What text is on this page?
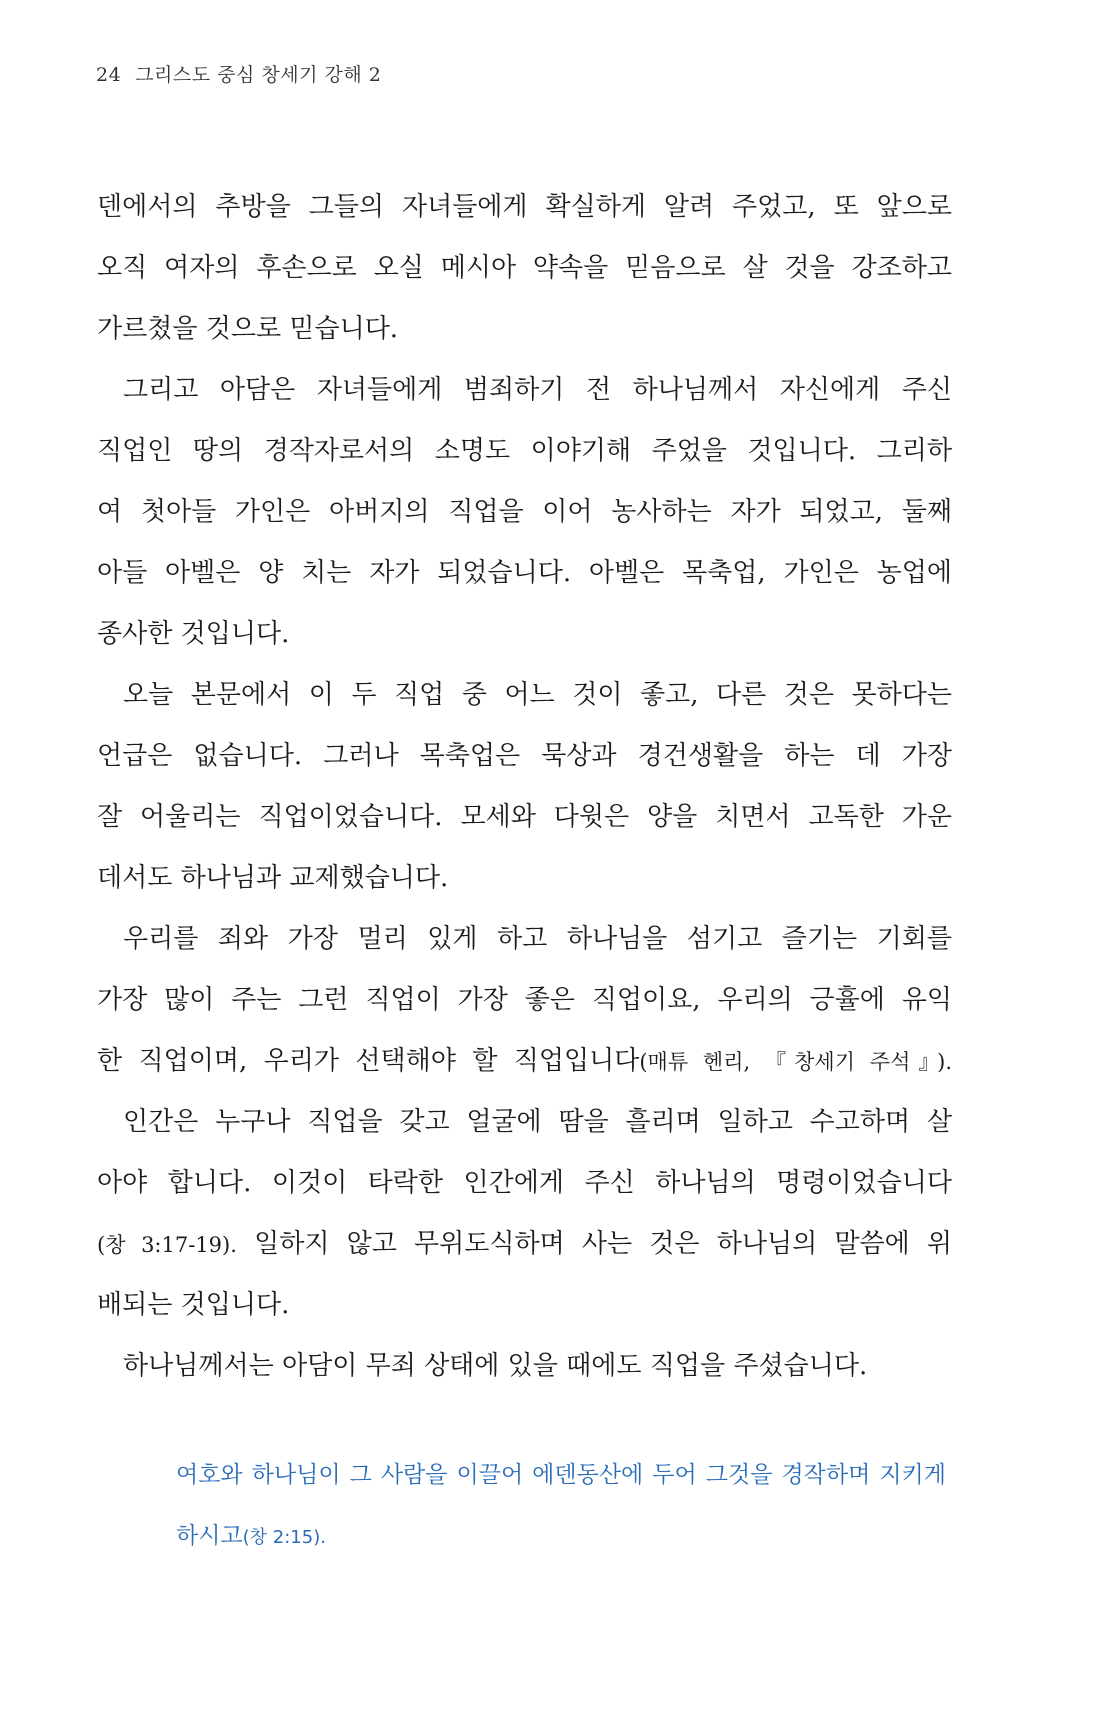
24 그리스도 중심 창세기 강해 2
덴에서의 추방을 그들의 자녀들에게 확실하게 알려 주었고, 또 앞으로
오직 여자의 후손으로 오실 메시아 약속을 믿음으로 살 것을 강조하고
가르쳤을 것으로 믿습니다.
그리고 아담은 자녀들에게 범죄하기 전 하나님께서 자신에게 주신
직업인 땅의 경작자로서의 소명도 이야기해 주었을 것입니다. 그리하
여 첫아들 가인은 아버지의 직업을 이어 농사하는 자가 되었고, 둘째
아들 아벨은 양 치는 자가 되었습니다. 아벨은 목축업, 가인은 농업에
종사한 것입니다.
오늘 본문에서 이 두 직업 중 어느 것이 좋고, 다른 것은 못하다는
언급은 없습니다. 그러나 목축업은 묵상과 경건생활을 하는 데 가장
잘 어울리는 직업이었습니다. 모세와 다윗은 양을 치면서 고독한 가운
데서도 하나님과 교제했습니다.
우리를 죄와 가장 멀리 있게 하고 하나님을 섬기고 즐기는 기회를
가장 많이 주는 그런 직업이 가장 좋은 직업이요, 우리의 긍휼에 유익
한 직업이며, 우리가 선택해야 할 직업입니다(매튜 헨리, 『창세기 주석』).
인간은 누구나 직업을 갖고 얼굴에 땀을 흘리며 일하고 수고하며 살
아야 합니다. 이것이 타락한 인간에게 주신 하나님의 명령이었습니다
(창 3:17-19). 일하지 않고 무위도식하며 사는 것은 하나님의 말씀에 위
배되는 것입니다.
하나님께서는 아담이 무죄 상태에 있을 때에도 직업을 주셨습니다.
여호와 하나님이 그 사람을 이끌어 에덴동산에 두어 그것을 경작하며 지키게
하시고(창 2:15).
